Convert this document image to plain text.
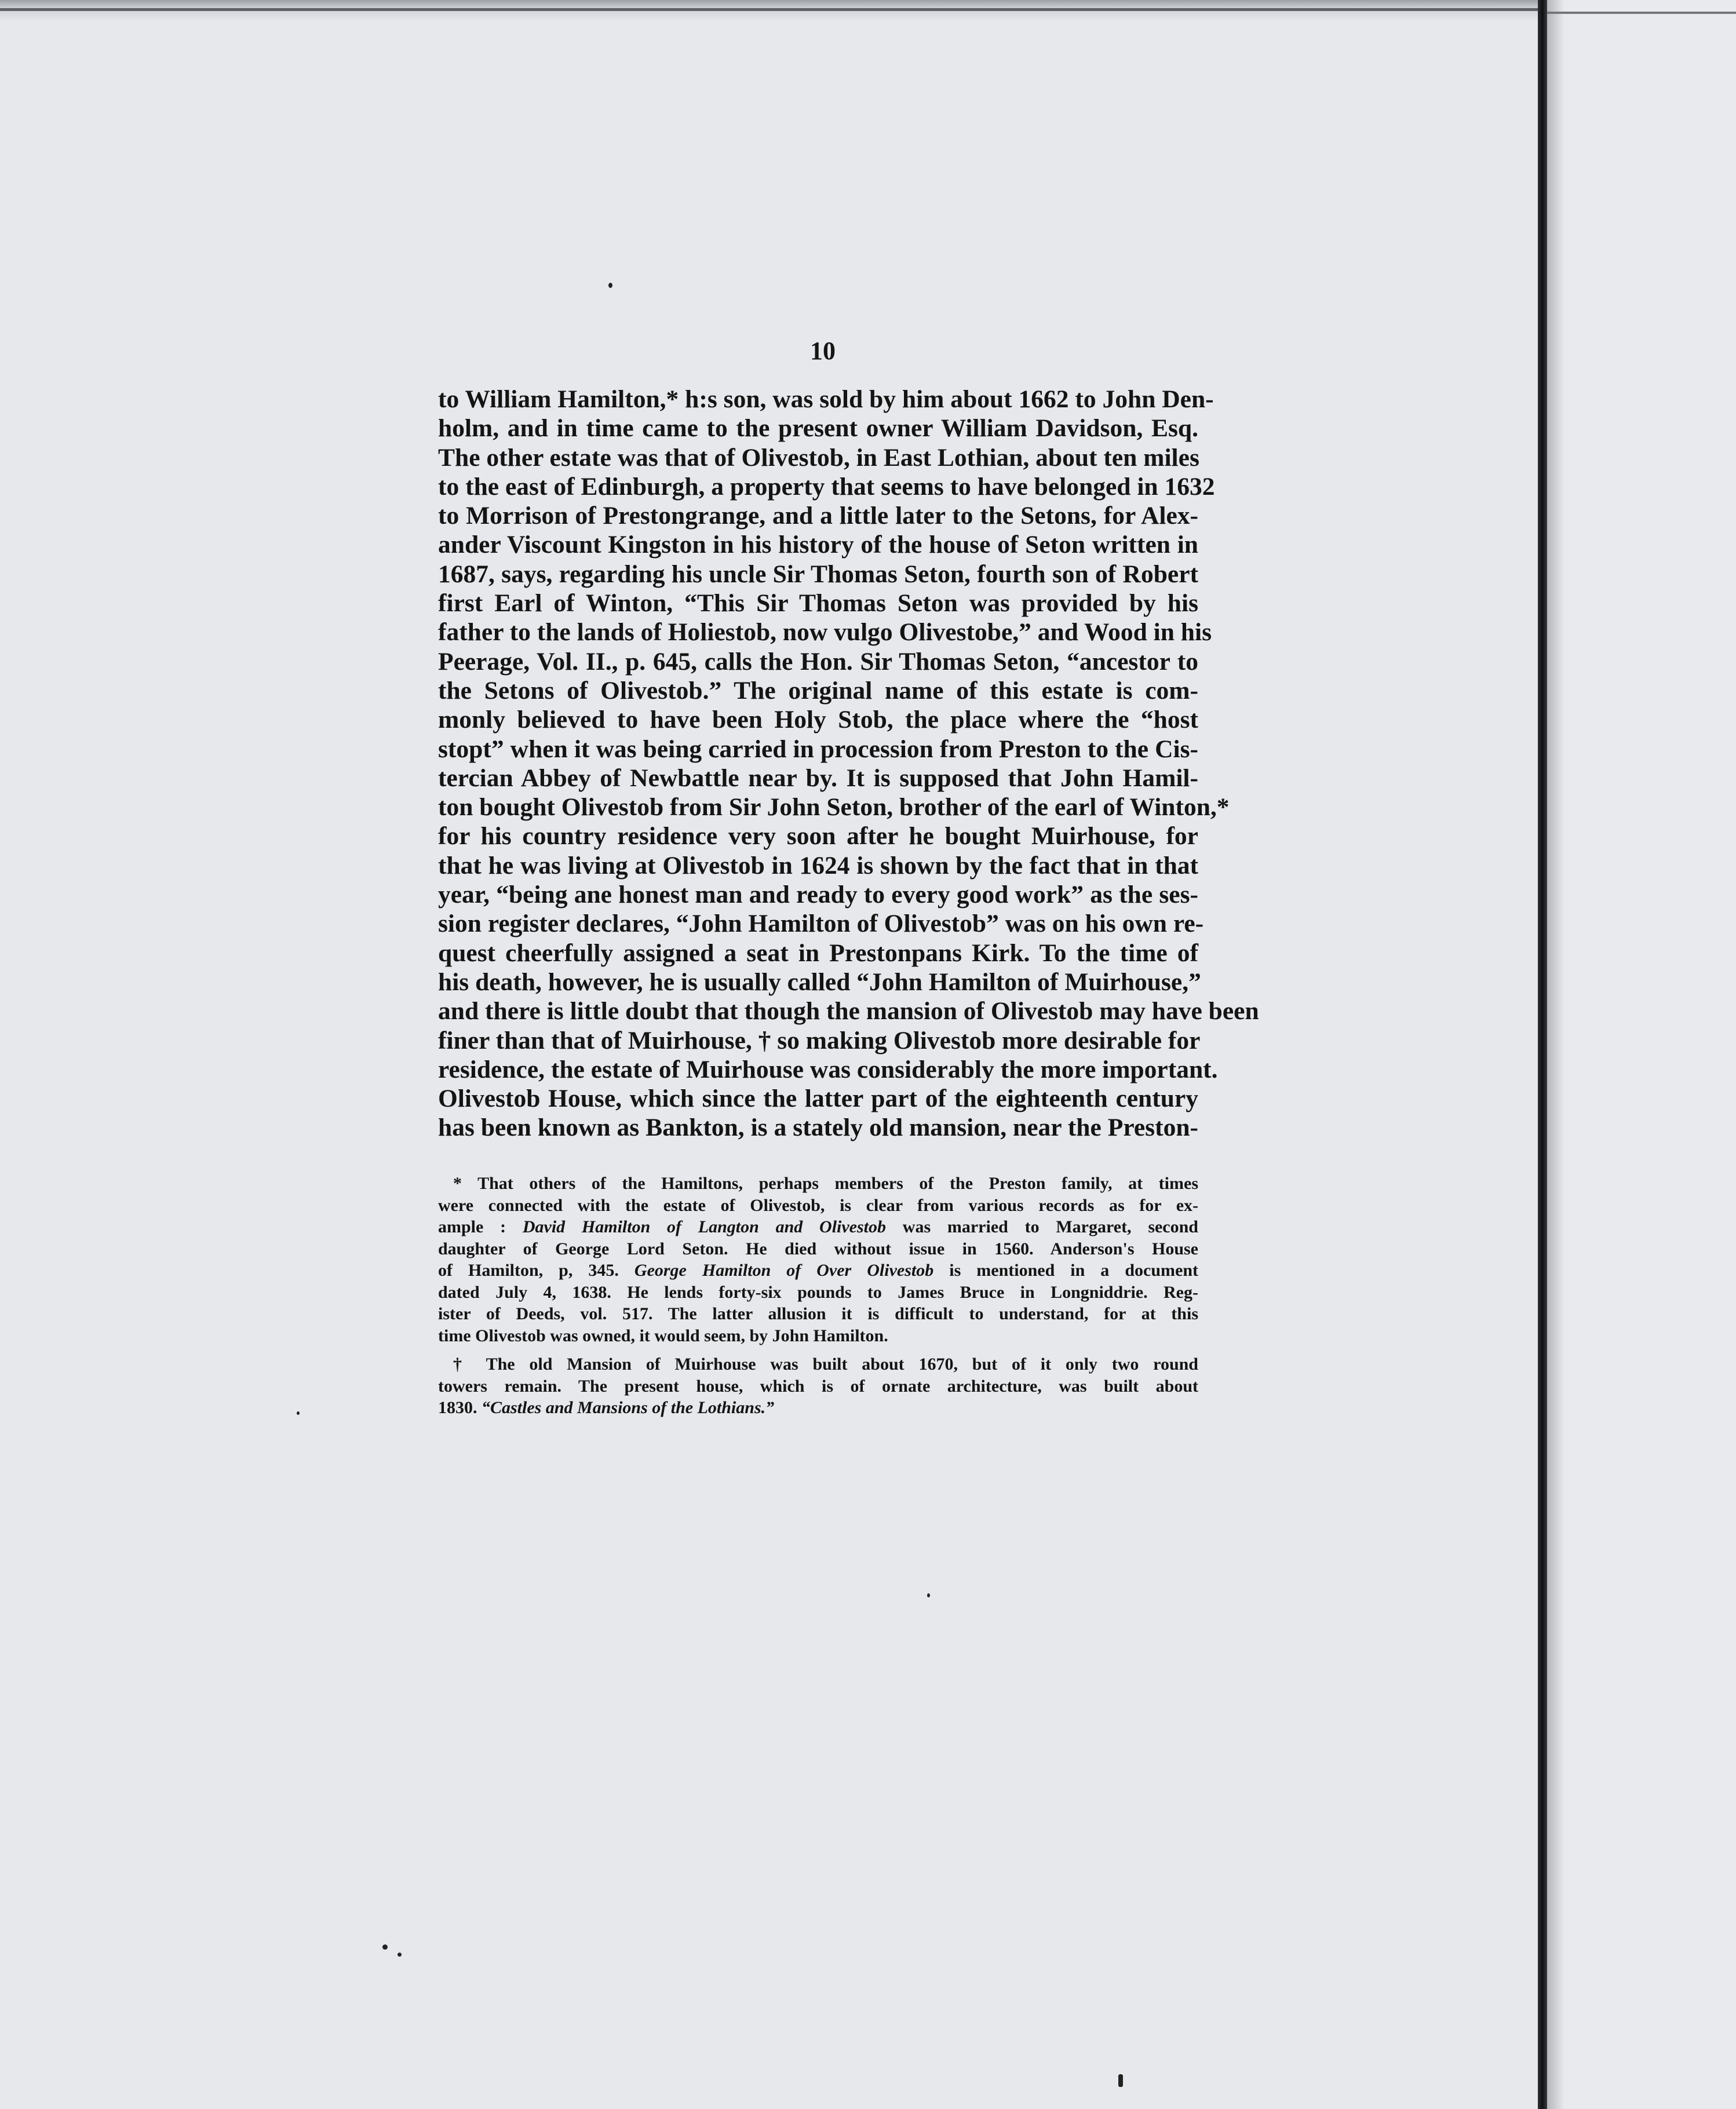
10
to William Hamilton,* h:s son, was sold by him about 1662 to John Den-
holm, and in time came to the present owner William Davidson, Esq.
The other estate was that of Olivestob, in East Lothian, about ten miles
to the east of Edinburgh, a property that seems to have belonged in 1632
to Morrison of Prestongrange, and a little later to the Setons, for Alex-
ander Viscount Kingston in his history of the house of Seton written in
1687, says, regarding his uncle Sir Thomas Seton, fourth son of Robert
first Earl of Winton, “This Sir Thomas Seton was provided by his
father to the lands of Holiestob, now vulgo Olivestobe,” and Wood in his
Peerage, Vol. II., p. 645, calls the Hon. Sir Thomas Seton, “ancestor to
the Setons of Olivestob.” The original name of this estate is com-
monly believed to have been Holy Stob, the place where the “host
stopt” when it was being carried in procession from Preston to the Cis-
tercian Abbey of Newbattle near by. It is supposed that John Hamil-
ton bought Olivestob from Sir John Seton, brother of the earl of Winton,*
for his country residence very soon after he bought Muirhouse, for
that he was living at Olivestob in 1624 is shown by the fact that in that
year, “being ane honest man and ready to every good work” as the ses-
sion register declares, “John Hamilton of Olivestob” was on his own re-
quest cheerfully assigned a seat in Prestonpans Kirk. To the time of
his death, however, he is usually called “John Hamilton of Muirhouse,”
and there is little doubt that though the mansion of Olivestob may have been
finer than that of Muirhouse, † so making Olivestob more desirable for
residence, the estate of Muirhouse was considerably the more important.
Olivestob House, which since the latter part of the eighteenth century
has been known as Bankton, is a stately old mansion, near the Preston-
* That others of the Hamiltons, perhaps members of the Preston family, at times
were connected with the estate of Olivestob, is clear from various records as for ex-
ample : David Hamilton of Langton and Olivestob was married to Margaret, second
daughter of George Lord Seton. He died without issue in 1560. Anderson's House
of Hamilton, p, 345. George Hamilton of Over Olivestob is mentioned in a document
dated July 4, 1638. He lends forty-six pounds to James Bruce in Longniddrie. Reg-
ister of Deeds, vol. 517. The latter allusion it is difficult to understand, for at this
time Olivestob was owned, it would seem, by John Hamilton.
† The old Mansion of Muirhouse was built about 1670, but of it only two round
towers remain. The present house, which is of ornate architecture, was built about
1830. “Castles and Mansions of the Lothians.”
